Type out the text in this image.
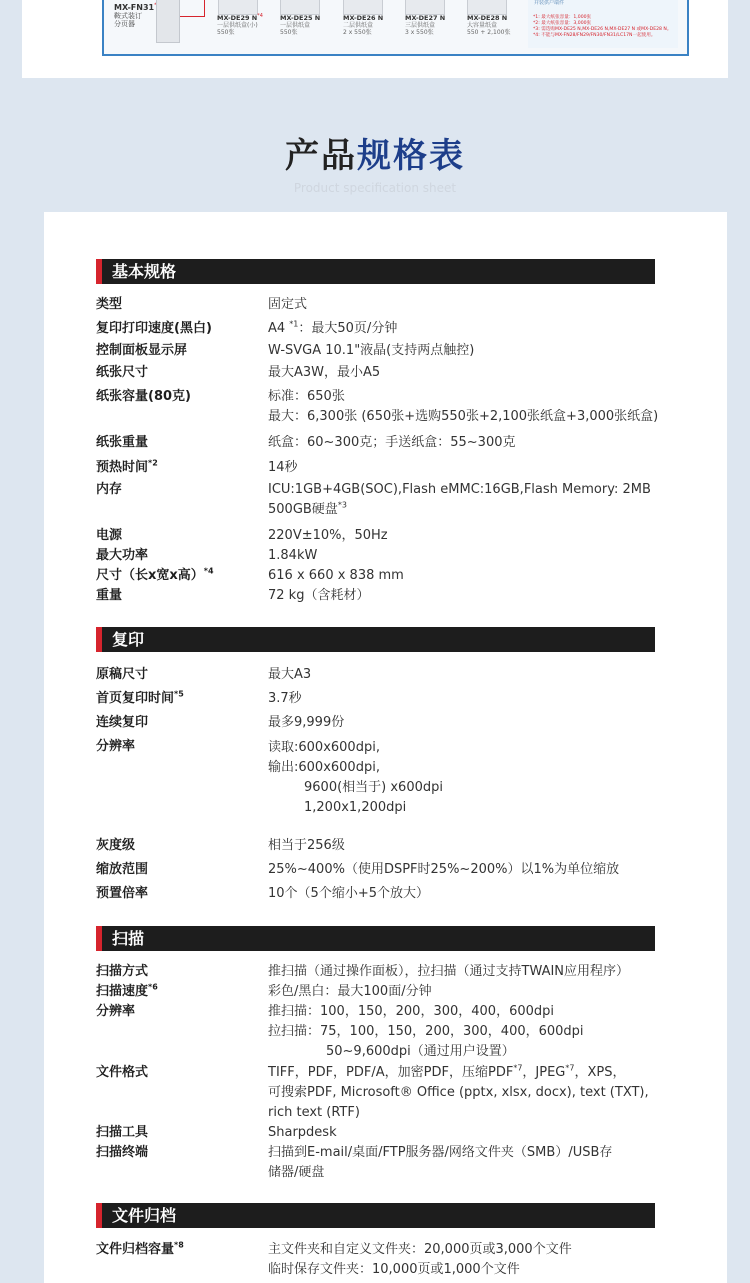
MX-FN31
鞍式装订
分页器
MX-DE29 $N^{*4}$
一层供纸盒(小)
550张
MX-DE25 N
一层供纸盒
550张
MX-DE26 N
二层供纸盒
2 x 550张
MX-DE27 N
三层供纸盒
3 x 550张
MX-DE28 N
大容量纸盒
550 + 2,100张
并装供户端件
*1: 最大纸张容量：1,000张
*2: 最大纸张容量：3,000张
*3: 需选购MX-DE25 N,MX-DE26 N,MX-DE27 N 或MX-DE28 N。
*4: 不能与MX-FN28/FN29/FN30/FN31/LC17N一起使用。
产品规格表
Product specification sheet
基本规格
类型	固定式
复印打印速度(黑白)	A4 $^{*1}$：最大50页/分钟
控制面板显示屏	W-SVGA 10.1"液晶(支持两点触控)
纸张尺寸	最大A3W，最小A5
纸张容量(80克)	标准：650张
最大：6,300张 (650张+选购550张+2,100张纸盒+3,000张纸盒)
纸张重量	纸盒：60~300克；手送纸盒：55~300克
预热时间$^{*2}$	14秒
内存	ICU:1GB+4GB(SOC),Flash eMMC:16GB,Flash Memory: 2MB
500GB硬盘$^{*3}$
电源	220V±10%，50Hz
最大功率	1.84kW
尺寸（长x宽x高）$^{*4}$	616 x 660 x 838 mm
重量	72 kg（含耗材）
复印
原稿尺寸	最大A3
首页复印时间$^{*5}$	3.7秒
连续复印	最多9,999份
分辨率	读取:600x600dpi,
输出:600x600dpi,
9600(相当于) x600dpi
1,200x1,200dpi
灰度级	相当于256级
缩放范围	25%~400%（使用DSPF时25%~200%）以1%为单位缩放
预置倍率	10个（5个缩小+5个放大）
扫描
扫描方式	推扫描（通过操作面板），拉扫描（通过支持TWAIN应用程序）
扫描速度$^{*6}$	彩色/黑白：最大100面/分钟
分辨率	推扫描：100，150，200，300，400，600dpi
拉扫描：75，100，150，200，300，400，600dpi
50~9,600dpi（通过用户设置）
文件格式	TIFF，PDF，PDF/A，加密PDF，压缩PDF$^{*7}$，JPEG$^{*7}$，XPS，
可搜索PDF, Microsoft® Office (pptx, xlsx, docx), text (TXT),
rich text (RTF)
扫描工具	Sharpdesk
扫描终端	扫描到E-mail/桌面/FTP服务器/网络文件夹（SMB）/USB存
储器/硬盘
文件归档
文件归档容量$^{*8}$	主文件夹和自定义文件夹：20,000页或3,000个文件
临时保存文件夹：10,000页或1,000个文件
